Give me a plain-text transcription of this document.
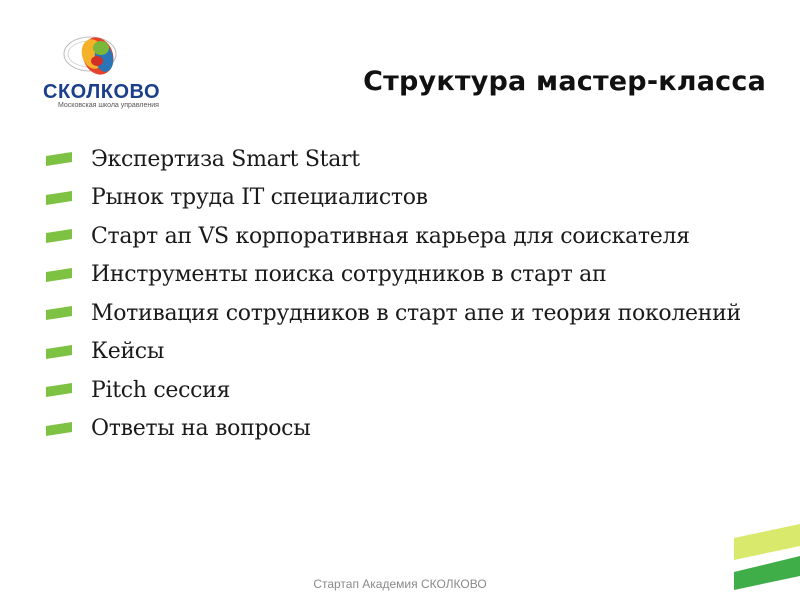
СКОЛКОВО
Московская школа управления
Структура мастер-класса
Экспертиза Smart Start
Рынок труда IT специалистов
Старт ап VS корпоративная карьера для соискателя
Инструменты поиска сотрудников в старт ап
Мотивация сотрудников в старт апе и теория поколений
Кейсы
Pitch сессия
Ответы на вопросы
Стартап Академия СКОЛКОВО
